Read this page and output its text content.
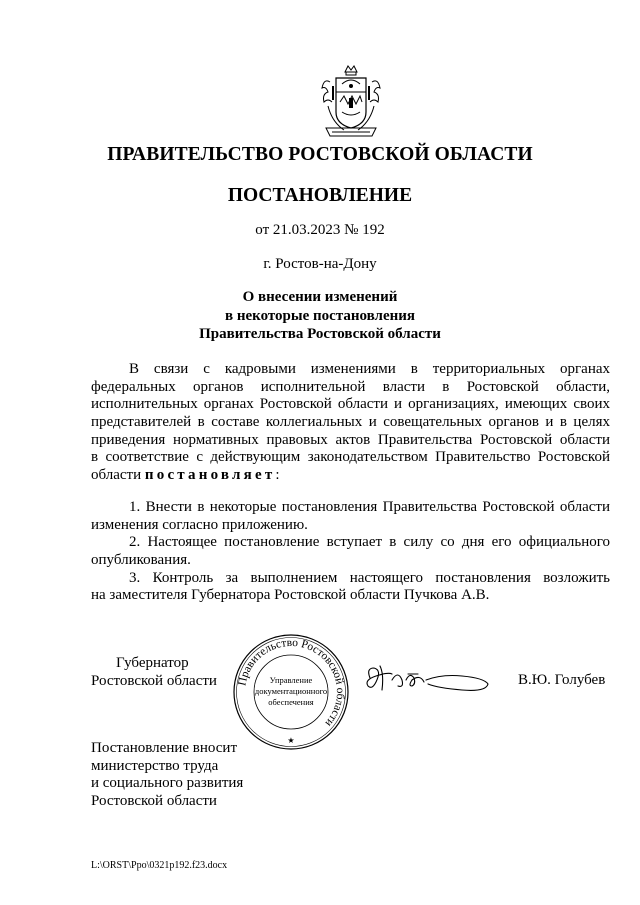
ПРАВИТЕЛЬСТВО РОСТОВСКОЙ ОБЛАСТИ
ПОСТАНОВЛЕНИЕ
от 21.03.2023 № 192
г. Ростов-на-Дону
О внесении изменений
в некоторые постановления
Правительства Ростовской области
В связи с кадровыми изменениями в территориальных органах
федеральных органов исполнительной власти в Ростовской области,
исполнительных органах Ростовской области и организациях, имеющих своих
представителей в составе коллегиальных и совещательных органов и в целях
приведения нормативных правовых актов Правительства Ростовской области
в соответствие с действующим законодательством Правительство Ростовской
области постановляет:
1. Внести в некоторые постановления Правительства Ростовской области
изменения согласно приложению.
2. Настоящее постановление вступает в силу со дня его официального
опубликования.
3. Контроль за выполнением настоящего постановления возложить
на заместителя Губернатора Ростовской области Пучкова А.В.
Губернатор
Ростовской области Правительство Ростовской области
Управление
документационного
обеспечения
★
В.Ю. Голубев
Постановление вносит
министерство труда
и социального развития
Ростовской области
L:\ORST\Ppo\0321p192.f23.docx
